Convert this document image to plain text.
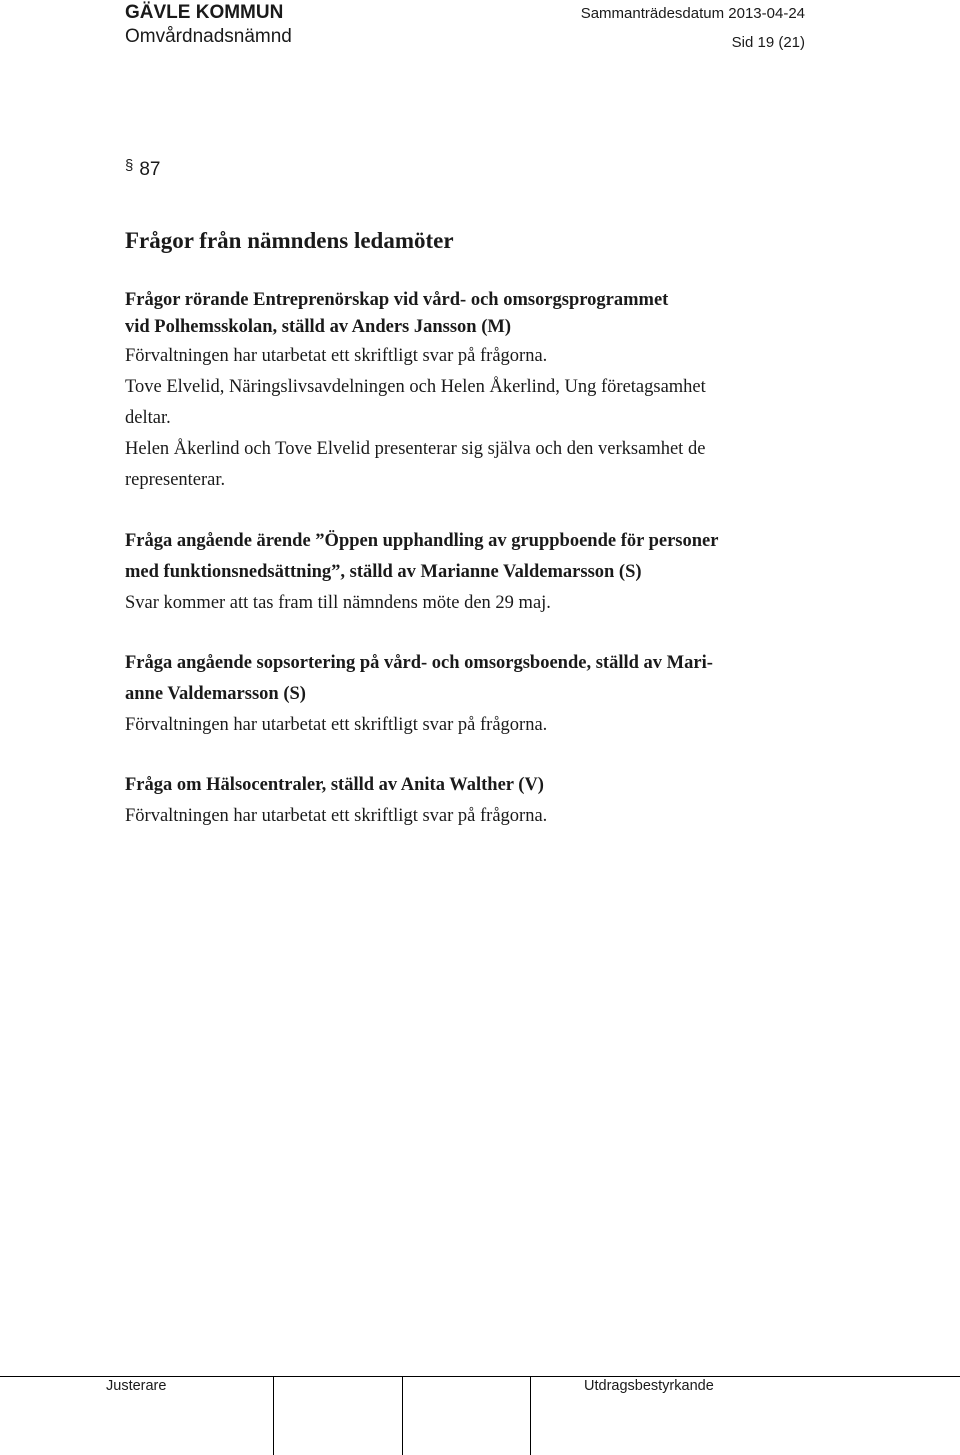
GÄVLE KOMMUN
Omvårdnadsnämnd
Sammanträdesdatum 2013-04-24
Sid 19 (21)
§ 87
Frågor från nämndens ledamöter
Frågor rörande Entreprenörskap vid vård- och omsorgsprogrammet
vid Polhemsskolan, ställd av Anders Jansson (M)
Förvaltningen har utarbetat ett skriftligt svar på frågorna.
Tove Elvelid, Näringslivsavdelningen och Helen Åkerlind, Ung företagsamhet
deltar.
Helen Åkerlind och Tove Elvelid presenterar sig själva och den verksamhet de
representerar.
Fråga angående ärende ”Öppen upphandling av gruppboende för personer
med funktionsnedsättning”, ställd av Marianne Valdemarsson (S)
Svar kommer att tas fram till nämndens möte den 29 maj.
Fråga angående sopsortering på vård- och omsorgsboende, ställd av Mari-
anne Valdemarsson (S)
Förvaltningen har utarbetat ett skriftligt svar på frågorna.
Fråga om Hälsocentraler, ställd av Anita Walther (V)
Förvaltningen har utarbetat ett skriftligt svar på frågorna.
Justerare	Utdragsbestyrkande
